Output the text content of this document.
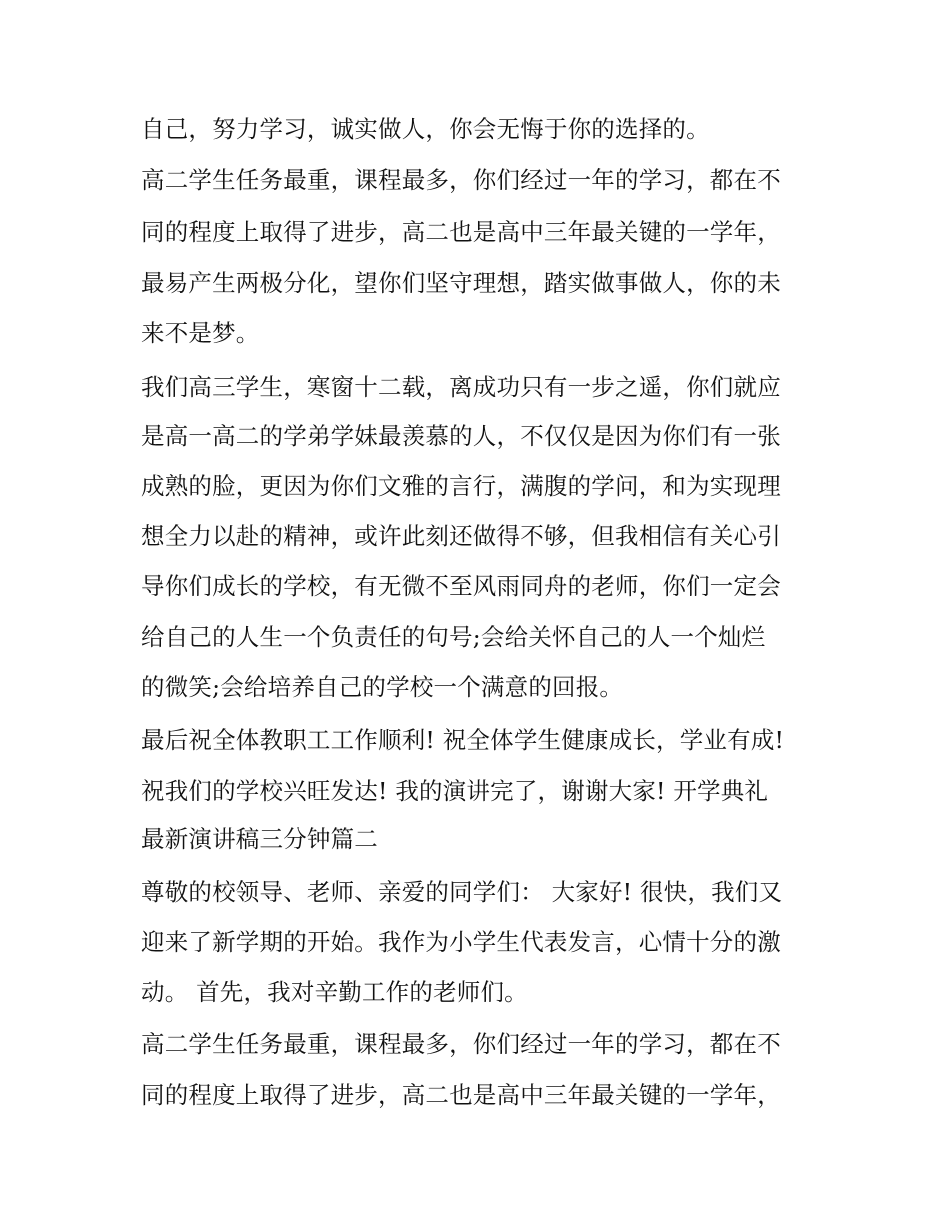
自己，努力学习，诚实做人，你会无悔于你的选择的。

高二学生任务最重，课程最多，你们经过一年的学习，都在不

同的程度上取得了进步，高二也是高中三年最关键的一学年，

最易产生两极分化，望你们坚守理想，踏实做事做人，你的未

来不是梦。

我们高三学生，寒窗十二载，离成功只有一步之遥，你们就应

是高一高二的学弟学妹最羡慕的人，不仅仅是因为你们有一张

成熟的脸，更因为你们文雅的言行，满腹的学问，和为实现理

想全力以赴的精神，或许此刻还做得不够，但我相信有关心引

导你们成长的学校，有无微不至风雨同舟的老师，你们一定会

给自己的人生一个负责任的句号;会给关怀自己的人一个灿烂

的微笑;会给培养自己的学校一个满意的回报。

最后祝全体教职工工作顺利! 祝全体学生健康成长，学业有成!

祝我们的学校兴旺发达! 我的演讲完了，谢谢大家! 开学典礼

最新演讲稿三分钟篇二

尊敬的校领导、老师、亲爱的同学们： 大家好! 很快，我们又

迎来了新学期的开始。我作为小学生代表发言，心情十分的激

动。 首先，我对辛勤工作的老师们。

高二学生任务最重，课程最多，你们经过一年的学习，都在不

同的程度上取得了进步，高二也是高中三年最关键的一学年，
